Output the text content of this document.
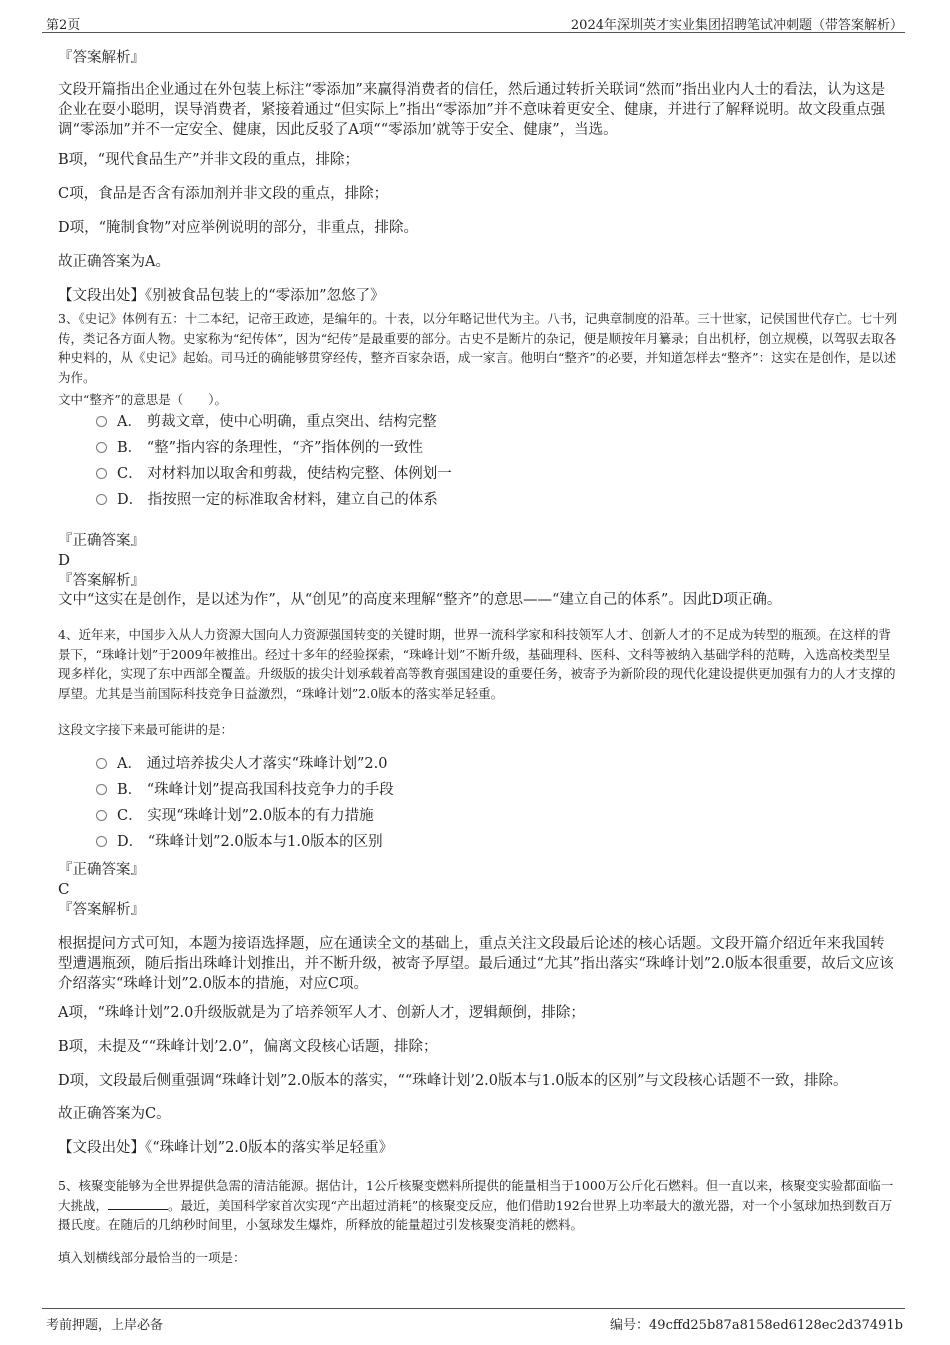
第2页	2024年深圳英才实业集团招聘笔试冲刺题（带答案解析）
『答案解析』
文段开篇指出企业通过在外包装上标注“零添加”来赢得消费者的信任，然后通过转折关联词“然而”指出业内人士的看法，认为这是企业在耍小聪明，误导消费者，紧接着通过“但实际上”指出“零添加”并不意味着更安全、健康，并进行了解释说明。故文段重点强调“零添加”并不一定安全、健康，因此反驳了A项““零添加’就等于安全、健康”，当选。
B项，“现代食品生产”并非文段的重点，排除；
C项，食品是否含有添加剂并非文段的重点，排除；
D项，“腌制食物”对应举例说明的部分，非重点，排除。
故正确答案为A。
【文段出处】《别被食品包装上的“零添加”忽悠了》
3、《史记》体例有五：十二本纪，记帝王政迹，是编年的。十表，以分年略记世代为主。八书，记典章制度的沿革。三十世家，记侯国世代存亡。七十列传，类记各方面人物。史家称为“纪传体”，因为“纪传”是最重要的部分。古史不是断片的杂记，便是顺按年月纂录；自出机杼，创立规模，以驾驭去取各种史料的，从《史记》起始。司马迁的确能够贯穿经传，整齐百家杂语，成一家言。他明白“整齐”的必要，并知道怎样去“整齐”：这实在是创作，是以述为作。
文中“整齐”的意思是（　　）。
A． 剪裁文章，使中心明确，重点突出、结构完整
B． “整”指内容的条理性，“齐”指体例的一致性
C． 对材料加以取舍和剪裁，使结构完整、体例划一
D． 指按照一定的标准取舍材料，建立自己的体系
『正确答案』
D
『答案解析』
文中“这实在是创作，是以述为作”，从“创见”的高度来理解“整齐”的意思——“建立自己的体系”。因此D项正确。
4、近年来，中国步入从人力资源大国向人力资源强国转变的关键时期，世界一流科学家和科技领军人才、创新人才的不足成为转型的瓶颈。在这样的背景下，“珠峰计划”于2009年被推出。经过十多年的经验探索，“珠峰计划”不断升级，基础理科、医科、文科等被纳入基础学科的范畴，入选高校类型呈现多样化，实现了东中西部全覆盖。升级版的拔尖计划承载着高等教育强国建设的重要任务，被寄予为新阶段的现代化建设提供更加强有力的人才支撑的厚望。尤其是当前国际科技竞争日益激烈，“珠峰计划”2.0版本的落实举足轻重。
这段文字接下来最可能讲的是：
A． 通过培养拔尖人才落实“珠峰计划”2.0
B． “珠峰计划”提高我国科技竞争力的手段
C． 实现“珠峰计划”2.0版本的有力措施
D． “珠峰计划”2.0版本与1.0版本的区别
『正确答案』
C
『答案解析』
根据提问方式可知，本题为接语选择题，应在通读全文的基础上，重点关注文段最后论述的核心话题。文段开篇介绍近年来我国转型遭遇瓶颈，随后指出珠峰计划推出，并不断升级，被寄予厚望。最后通过“尤其”指出落实“珠峰计划”2.0版本很重要，故后文应该介绍落实“珠峰计划”2.0版本的措施，对应C项。
A项，“珠峰计划”2.0升级版就是为了培养领军人才、创新人才，逻辑颠倒，排除；
B项，未提及““珠峰计划’2.0”，偏离文段核心话题，排除；
D项，文段最后侧重强调“珠峰计划”2.0版本的落实，““珠峰计划’2.0版本与1.0版本的区别”与文段核心话题不一致，排除。
故正确答案为C。
【文段出处】《“珠峰计划”2.0版本的落实举足轻重》
5、核聚变能够为全世界提供急需的清洁能源。据估计，1公斤核聚变燃料所提供的能量相当于1000万公斤化石燃料。但一直以来，核聚变实验都面临一大挑战，	。最近，美国科学家首次实现“产出超过消耗”的核聚变反应，他们借助192台世界上功率最大的激光器，对一个小氢球加热到数百万摄氏度。在随后的几纳秒时间里，小氢球发生爆炸，所释放的能量超过引发核聚变消耗的燃料。
填入划横线部分最恰当的一项是：
考前押题，上岸必备	编号：49cffd25b87a8158ed6128ec2d37491b
